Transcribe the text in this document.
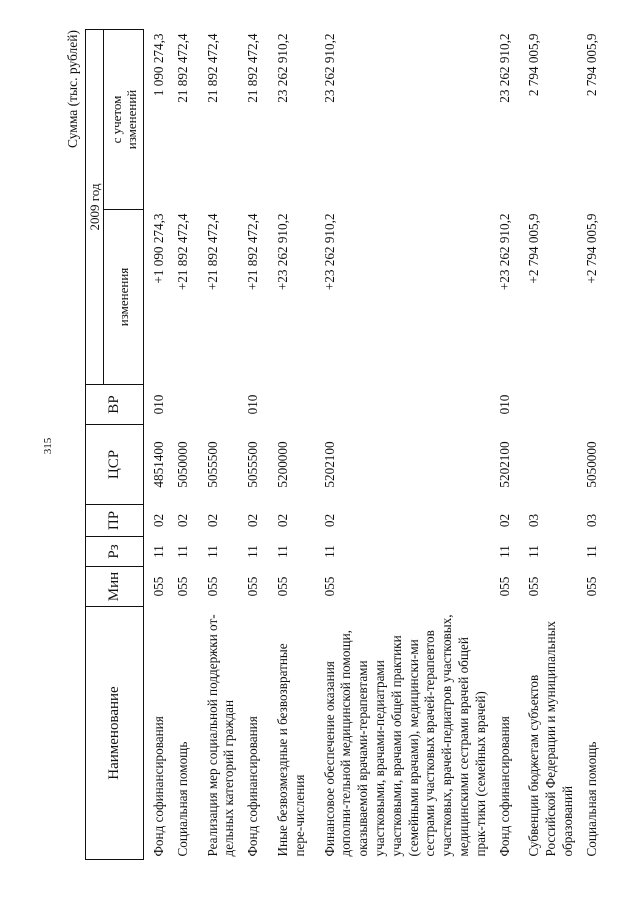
315
Сумма (тыс. рублей)
Наименование	Мин	Рз	ПР	ЦСР	ВР	2009 год	
						изменения	с учетом изменений
Фонд софинансирования	055	11	02	4851400	010	+1 090 274,3	1 090 274,3
Социальная помощь	055	11	02	5050000		+21 892 472,4	21 892 472,4
Реализация мер социальной поддержки от-дельных категорий граждан	055	11	02	5055500		+21 892 472,4	21 892 472,4
Фонд софинансирования	055	11	02	5055500	010	+21 892 472,4	21 892 472,4
Иные безвозмездные и безвозвратные пере-числения	055	11	02	5200000		+23 262 910,2	23 262 910,2
Финансовое обеспечение оказания дополни-тельной медицинской помощи, оказываемой врачами-терапевтами участковыми, врачами-педиатрами участковыми, врачами общей практики (семейными врачами), медицински-ми сестрами участковых врачей-терапевтов участковых, врачей-педиатров участковых, медицинскими сестрами врачей общей прак-тики (семейных врачей)	055	11	02	5202100		+23 262 910,2	23 262 910,2
Фонд софинансирования	055	11	02	5202100	010	+23 262 910,2	23 262 910,2
Субвенции бюджетам субъектов Российской Федерации и муниципальных образований	055	11	03			+2 794 005,9	2 794 005,9
Социальная помощь	055	11	03	5050000		+2 794 005,9	2 794 005,9
